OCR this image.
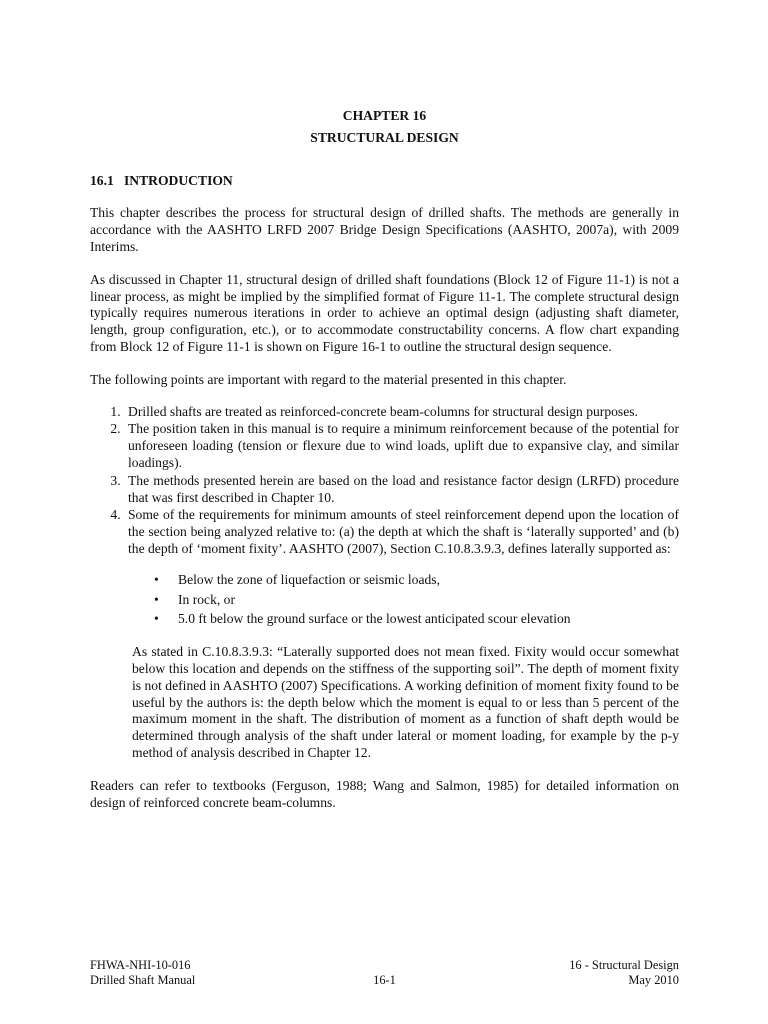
CHAPTER 16
STRUCTURAL DESIGN
16.1   INTRODUCTION

This chapter describes the process for structural design of drilled shafts. The methods are generally in accordance with the AASHTO LRFD 2007 Bridge Design Specifications (AASHTO, 2007a), with 2009 Interims.

As discussed in Chapter 11, structural design of drilled shaft foundations (Block 12 of Figure 11-1) is not a linear process, as might be implied by the simplified format of Figure 11-1. The complete structural design typically requires numerous iterations in order to achieve an optimal design (adjusting shaft diameter, length, group configuration, etc.), or to accommodate constructability concerns. A flow chart expanding from Block 12 of Figure 11-1 is shown on Figure 16-1 to outline the structural design sequence.

The following points are important with regard to the material presented in this chapter.

1. Drilled shafts are treated as reinforced-concrete beam-columns for structural design purposes.
2. The position taken in this manual is to require a minimum reinforcement because of the potential for unforeseen loading (tension or flexure due to wind loads, uplift due to expansive clay, and similar loadings).
3. The methods presented herein are based on the load and resistance factor design (LRFD) procedure that was first described in Chapter 10.
4. Some of the requirements for minimum amounts of steel reinforcement depend upon the location of the section being analyzed relative to: (a) the depth at which the shaft is ‘laterally supported’ and (b) the depth of ‘moment fixity’. AASHTO (2007), Section C.10.8.3.9.3, defines laterally supported as:
• Below the zone of liquefaction or seismic loads,
• In rock, or
• 5.0 ft below the ground surface or the lowest anticipated scour elevation

As stated in C.10.8.3.9.3: “Laterally supported does not mean fixed. Fixity would occur somewhat below this location and depends on the stiffness of the supporting soil”. The depth of moment fixity is not defined in AASHTO (2007) Specifications. A working definition of moment fixity found to be useful by the authors is: the depth below which the moment is equal to or less than 5 percent of the maximum moment in the shaft. The distribution of moment as a function of shaft depth would be determined through analysis of the shaft under lateral or moment loading, for example by the p-y method of analysis described in Chapter 12.

Readers can refer to textbooks (Ferguson, 1988; Wang and Salmon, 1985) for detailed information on design of reinforced concrete beam-columns.

FHWA-NHI-10-016
Drilled Shaft Manual	16-1
16 - Structural Design
May 2010
